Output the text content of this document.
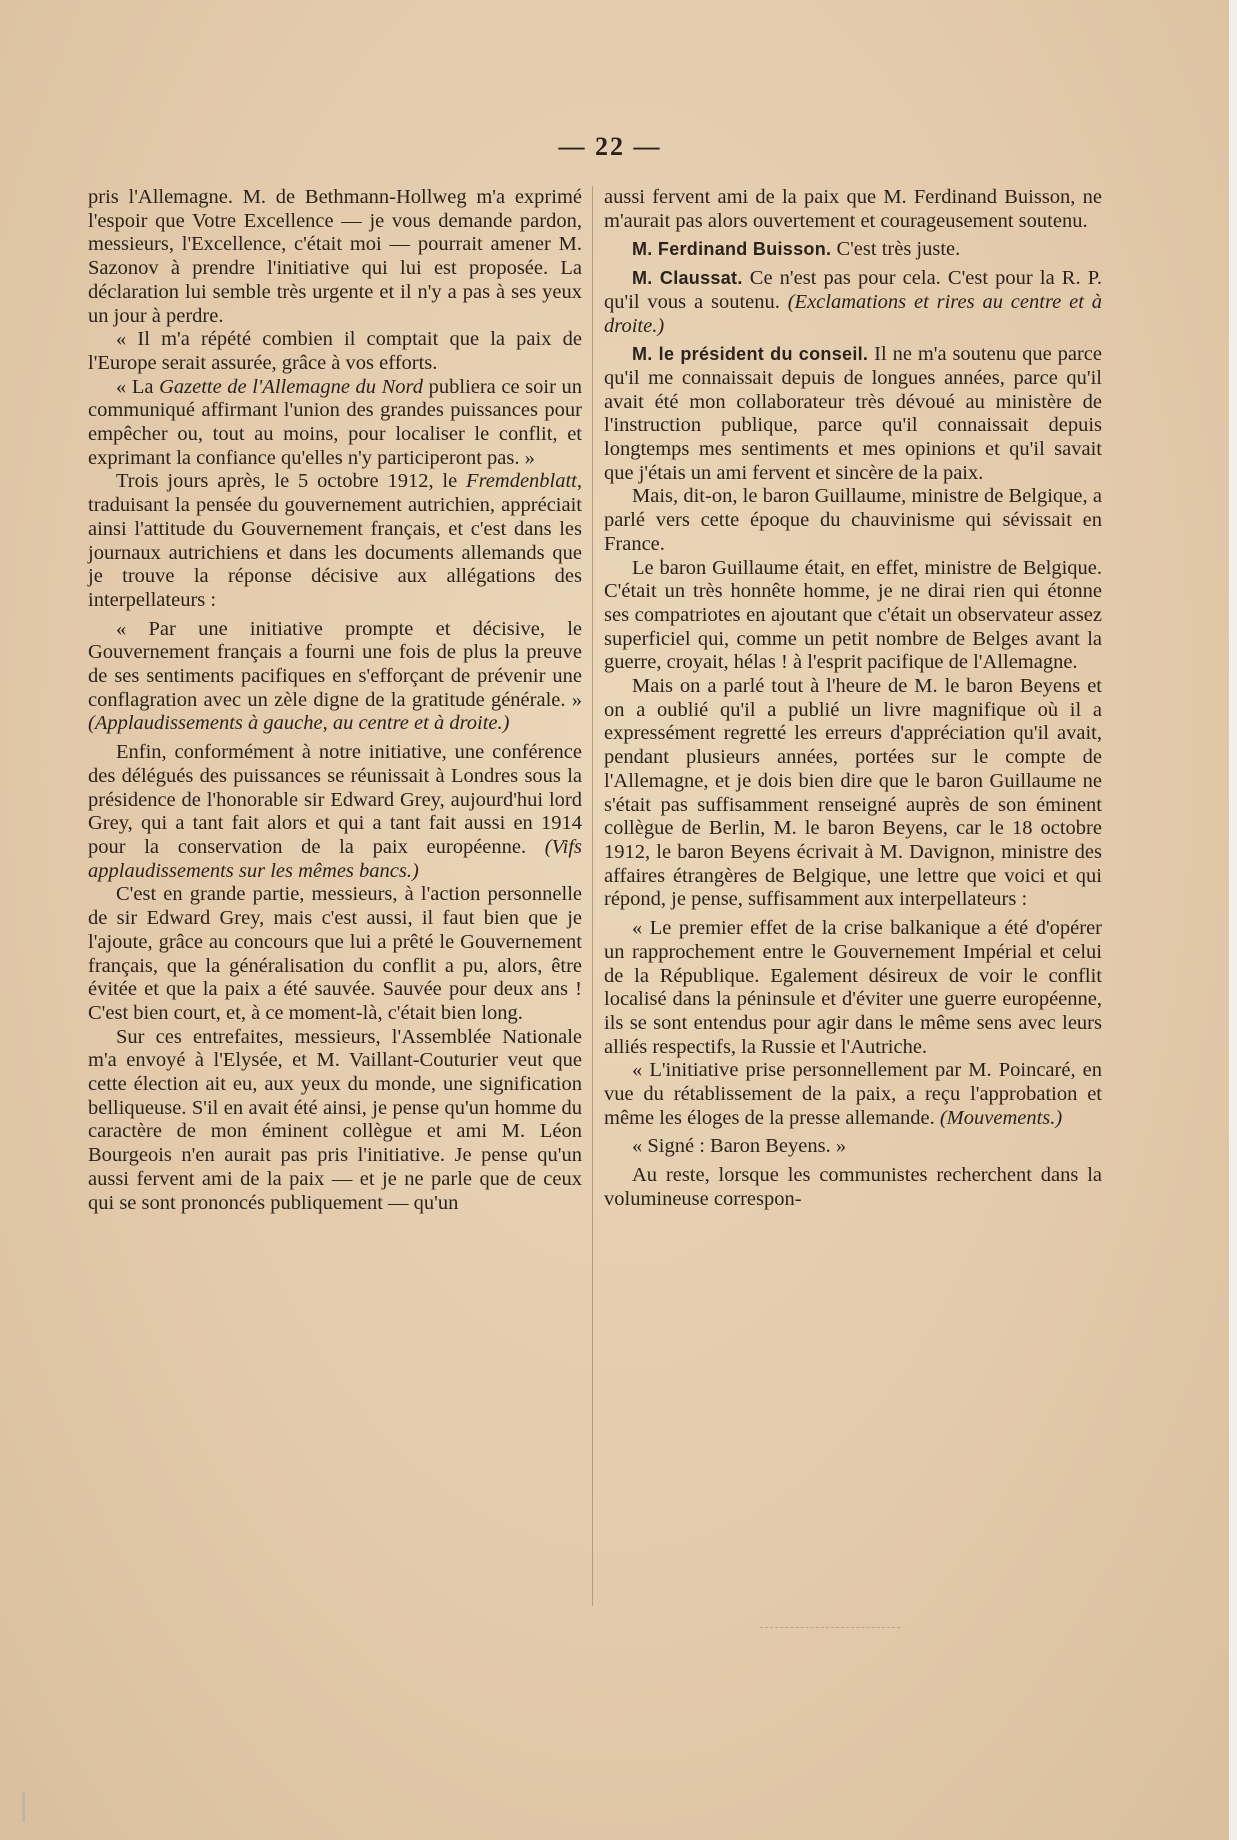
— 22 —

pris l'Allemagne. M. de Bethmann-Hollweg m'a exprimé l'espoir que Votre Excellence — je vous demande pardon, messieurs, l'Excellence, c'était moi — pourrait amener M. Sazonov à prendre l'initiative qui lui est proposée. La déclaration lui semble très urgente et il n'y a pas à ses yeux un jour à perdre.

« Il m'a répété combien il comptait que la paix de l'Europe serait assurée, grâce à vos efforts.

« La Gazette de l'Allemagne du Nord publiera ce soir un communiqué affirmant l'union des grandes puissances pour empêcher ou, tout au moins, pour localiser le conflit, et exprimant la confiance qu'elles n'y participeront pas. »

Trois jours après, le 5 octobre 1912, le Fremdenblatt, traduisant la pensée du gouvernement autrichien, appréciait ainsi l'attitude du Gouvernement français, et c'est dans les journaux autrichiens et dans les documents allemands que je trouve la réponse décisive aux allégations des interpellateurs :

« Par une initiative prompte et décisive, le Gouvernement français a fourni une fois de plus la preuve de ses sentiments pacifiques en s'efforçant de prévenir une conflagration avec un zèle digne de la gratitude générale. » (Applaudissements à gauche, au centre et à droite.)

Enfin, conformément à notre initiative, une conférence des délégués des puissances se réunissait à Londres sous la présidence de l'honorable sir Edward Grey, aujourd'hui lord Grey, qui a tant fait alors et qui a tant fait aussi en 1914 pour la conservation de la paix européenne. (Vifs applaudissements sur les mêmes bancs.)

C'est en grande partie, messieurs, à l'action personnelle de sir Edward Grey, mais c'est aussi, il faut bien que je l'ajoute, grâce au concours que lui a prêté le Gouvernement français, que la généralisation du conflit a pu, alors, être évitée et que la paix a été sauvée. Sauvée pour deux ans ! C'est bien court, et, à ce moment-là, c'était bien long.

Sur ces entrefaites, messieurs, l'Assemblée Nationale m'a envoyé à l'Elysée, et M. Vaillant-Couturier veut que cette élection ait eu, aux yeux du monde, une signification belliqueuse. S'il en avait été ainsi, je pense qu'un homme du caractère de mon éminent collègue et ami M. Léon Bourgeois n'en aurait pas pris l'initiative. Je pense qu'un aussi fervent ami de la paix — et je ne parle que de ceux qui se sont prononcés publiquement — qu'un

aussi fervent ami de la paix que M. Ferdinand Buisson, ne m'aurait pas alors ouvertement et courageusement soutenu.

M. Ferdinand Buisson. C'est très juste.

M. Claussat. Ce n'est pas pour cela. C'est pour la R. P. qu'il vous a soutenu. (Exclamations et rires au centre et à droite.)

M. le président du conseil. Il ne m'a soutenu que parce qu'il me connaissait depuis de longues années, parce qu'il avait été mon collaborateur très dévoué au ministère de l'instruction publique, parce qu'il connaissait depuis longtemps mes sentiments et mes opinions et qu'il savait que j'étais un ami fervent et sincère de la paix.

Mais, dit-on, le baron Guillaume, ministre de Belgique, a parlé vers cette époque du chauvinisme qui sévissait en France.

Le baron Guillaume était, en effet, ministre de Belgique. C'était un très honnête homme, je ne dirai rien qui étonne ses compatriotes en ajoutant que c'était un observateur assez superficiel qui, comme un petit nombre de Belges avant la guerre, croyait, hélas ! à l'esprit pacifique de l'Allemagne.

Mais on a parlé tout à l'heure de M. le baron Beyens et on a oublié qu'il a publié un livre magnifique où il a expressément regretté les erreurs d'appréciation qu'il avait, pendant plusieurs années, portées sur le compte de l'Allemagne, et je dois bien dire que le baron Guillaume ne s'était pas suffisamment renseigné auprès de son éminent collègue de Berlin, M. le baron Beyens, car le 18 octobre 1912, le baron Beyens écrivait à M. Davignon, ministre des affaires étrangères de Belgique, une lettre que voici et qui répond, je pense, suffisamment aux interpellateurs :

« Le premier effet de la crise balkanique a été d'opérer un rapprochement entre le Gouvernement Impérial et celui de la République. Egalement désireux de voir le conflit localisé dans la péninsule et d'éviter une guerre européenne, ils se sont entendus pour agir dans le même sens avec leurs alliés respectifs, la Russie et l'Autriche.

« L'initiative prise personnellement par M. Poincaré, en vue du rétablissement de la paix, a reçu l'approbation et même les éloges de la presse allemande. (Mouvements.)

« Signé : Baron Beyens. »

Au reste, lorsque les communistes recherchent dans la volumineuse correspon-
